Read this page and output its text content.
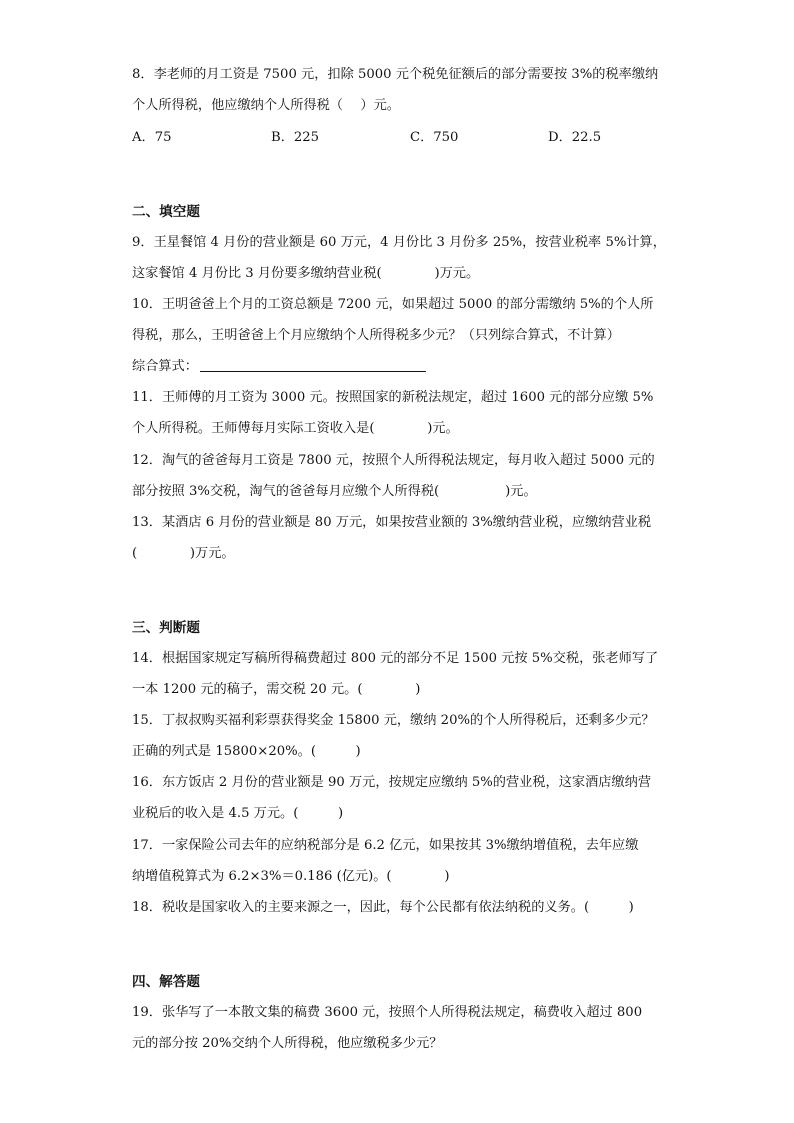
8．李老师的月工资是 7500 元，扣除 5000 元个税免征额后的部分需要按 3%的税率缴纳
个人所得税，他应缴纳个人所得税（　 ）元。
A．75	B．225	C．750	D．22.5
二、填空题
9．王星餐馆 4 月份的营业额是 60 万元，4 月份比 3 月份多 25%，按营业税率 5%计算，
这家餐馆 4 月份比 3 月份要多缴纳营业税(　　　　)万元。
10．王明爸爸上个月的工资总额是 7200 元，如果超过 5000 的部分需缴纳 5%的个人所
得税，那么，王明爸爸上个月应缴纳个人所得税多少元？（只列综合算式，不计算）
综合算式：
11．王师傅的月工资为 3000 元。按照国家的新税法规定，超过 1600 元的部分应缴 5%
个人所得税。王师傅每月实际工资收入是(　　　　)元。
12．淘气的爸爸每月工资是 7800 元，按照个人所得税法规定，每月收入超过 5000 元的
部分按照 3%交税，淘气的爸爸每月应缴个人所得税(　　　　　)元。
13．某酒店 6 月份的营业额是 80 万元，如果按营业额的 3%缴纳营业税，应缴纳营业税
(　　　　)万元。
三、判断题
14．根据国家规定写稿所得稿费超过 800 元的部分不足 1500 元按 5%交税，张老师写了
一本 1200 元的稿子，需交税 20 元。(　　　　)
15．丁叔叔购买福利彩票获得奖金 15800 元，缴纳 20%的个人所得税后，还剩多少元？
正确的列式是 15800×20%。(　　　)
16．东方饭店 2 月份的营业额是 90 万元，按规定应缴纳 5%的营业税，这家酒店缴纳营
业税后的收入是 4.5 万元。(　　　)
17．一家保险公司去年的应纳税部分是 6.2 亿元，如果按其 3%缴纳增值税，去年应缴
纳增值税算式为 6.2×3%＝0.186 (亿元)。(　　　　)
18．税收是国家收入的主要来源之一，因此，每个公民都有依法纳税的义务。(　　　)
四、解答题
19．张华写了一本散文集的稿费 3600 元，按照个人所得税法规定，稿费收入超过 800
元的部分按 20%交纳个人所得税，他应缴税多少元？
